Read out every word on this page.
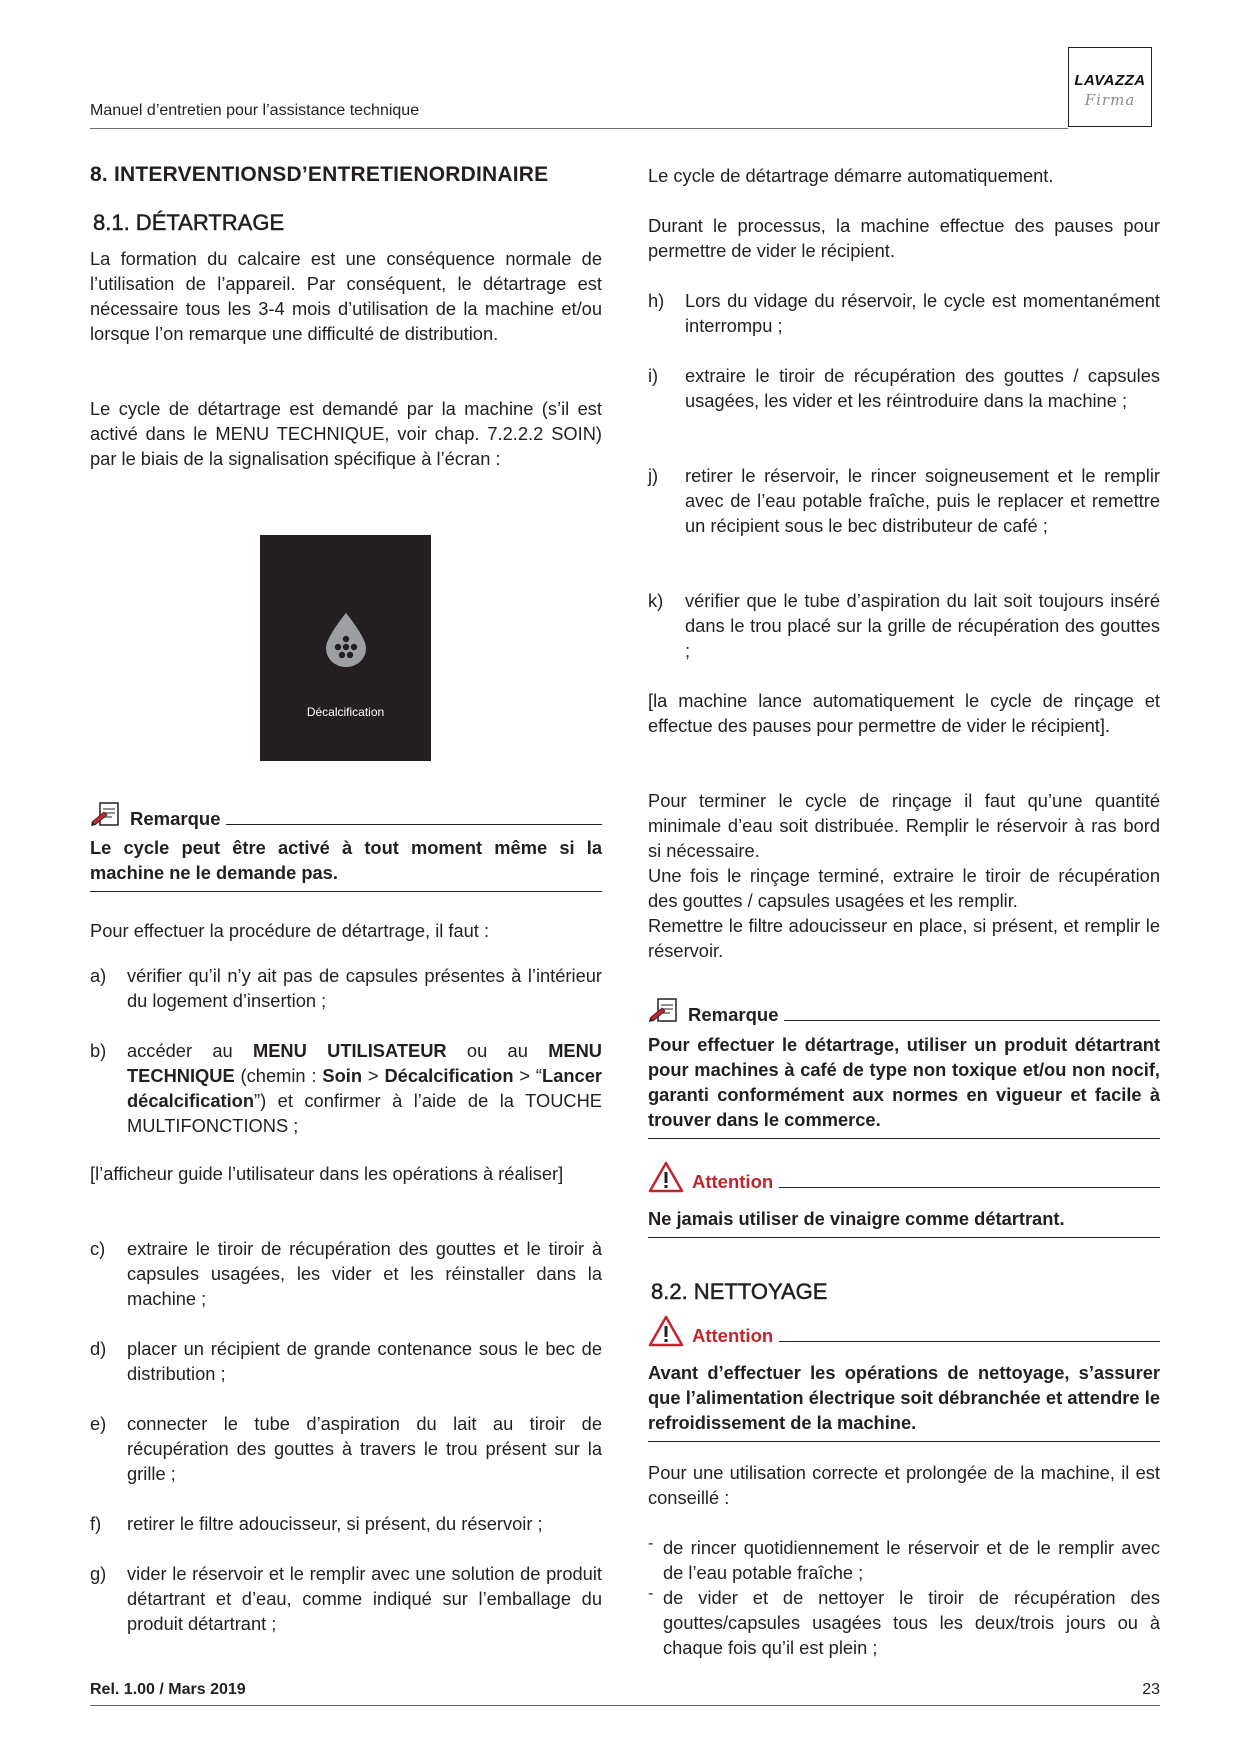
Manuel d’entretien pour l’assistance technique
LAVAZZA
Firma
8. INTERVENTIONSD’ENTRETIENORDINAIRE
8.1. DÉTARTRAGE

La formation du calcaire est une conséquence normale de l’utilisation de l’appareil. Par conséquent, le détartrage est nécessaire tous les 3-4 mois d’utilisation de la machine et/ou lorsque l’on remarque une difficulté de distribution.

Le cycle de détartrage est demandé par la machine (s’il est activé dans le MENU TECHNIQUE, voir chap. 7.2.2.2 SOIN) par le biais de la signalisation spécifique à l’écran :

Décalcification
Remarque
Le cycle peut être activé à tout moment même si la machine ne le demande pas.

Pour effectuer la procédure de détartrage, il faut :

a) vérifier qu’il n’y ait pas de capsules présentes à l’intérieur du logement d’insertion ;
b) accéder au MENU UTILISATEUR ou au MENU TECHNIQUE (chemin : Soin > Décalcification > “Lancer décalcification”) et confirmer à l’aide de la TOUCHE MULTIFONCTIONS ;

[l’afficheur guide l’utilisateur dans les opérations à réaliser]

c) extraire le tiroir de récupération des gouttes et le tiroir à capsules usagées, les vider et les réinstaller dans la machine ;
d) placer un récipient de grande contenance sous le bec de distribution ;
e) connecter le tube d’aspiration du lait au tiroir de récupération des gouttes à travers le trou présent sur la grille ;
f) retirer le filtre adoucisseur, si présent, du réservoir ;
g) vider le réservoir et le remplir avec une solution de produit détartrant et d’eau, comme indiqué sur l’emballage du produit détartrant ;

Le cycle de détartrage démarre automatiquement.

Durant le processus, la machine effectue des pauses pour permettre de vider le récipient.

h) Lors du vidage du réservoir, le cycle est momentanément interrompu ;
i) extraire le tiroir de récupération des gouttes / capsules usagées, les vider et les réintroduire dans la machine ;
j) retirer le réservoir, le rincer soigneusement et le remplir avec de l’eau potable fraîche, puis le replacer et remettre un récipient sous le bec distributeur de café ;
k) vérifier que le tube d’aspiration du lait soit toujours inséré dans le trou placé sur la grille de récupération des gouttes ;

[la machine lance automatiquement le cycle de rinçage et effectue des pauses pour permettre de vider le récipient].

Pour terminer le cycle de rinçage il faut qu’une quantité minimale d’eau soit distribuée. Remplir le réservoir à ras bord si nécessaire.

Une fois le rinçage terminé, extraire le tiroir de récupération des gouttes / capsules usagées et les remplir.

Remettre le filtre adoucisseur en place, si présent, et remplir le réservoir.

Remarque
Pour effectuer le détartrage, utiliser un produit détartrant pour machines à café de type non toxique et/ou non nocif, garanti conformément aux normes en vigueur et facile à trouver dans le commerce.
Attention
Ne jamais utiliser de vinaigre comme détartrant.
8.2. NETTOYAGE
Attention
Avant d’effectuer les opérations de nettoyage, s’assurer que l’alimentation électrique soit débranchée et attendre le refroidissement de la machine.

Pour une utilisation correcte et prolongée de la machine, il est conseillé :

- de rincer quotidiennement le réservoir et de le remplir avec de l’eau potable fraîche ;

- de vider et de nettoyer le tiroir de récupération des gouttes/capsules usagées tous les deux/trois jours ou à chaque fois qu’il est plein ;

Rel. 1.00 / Mars 2019	23
